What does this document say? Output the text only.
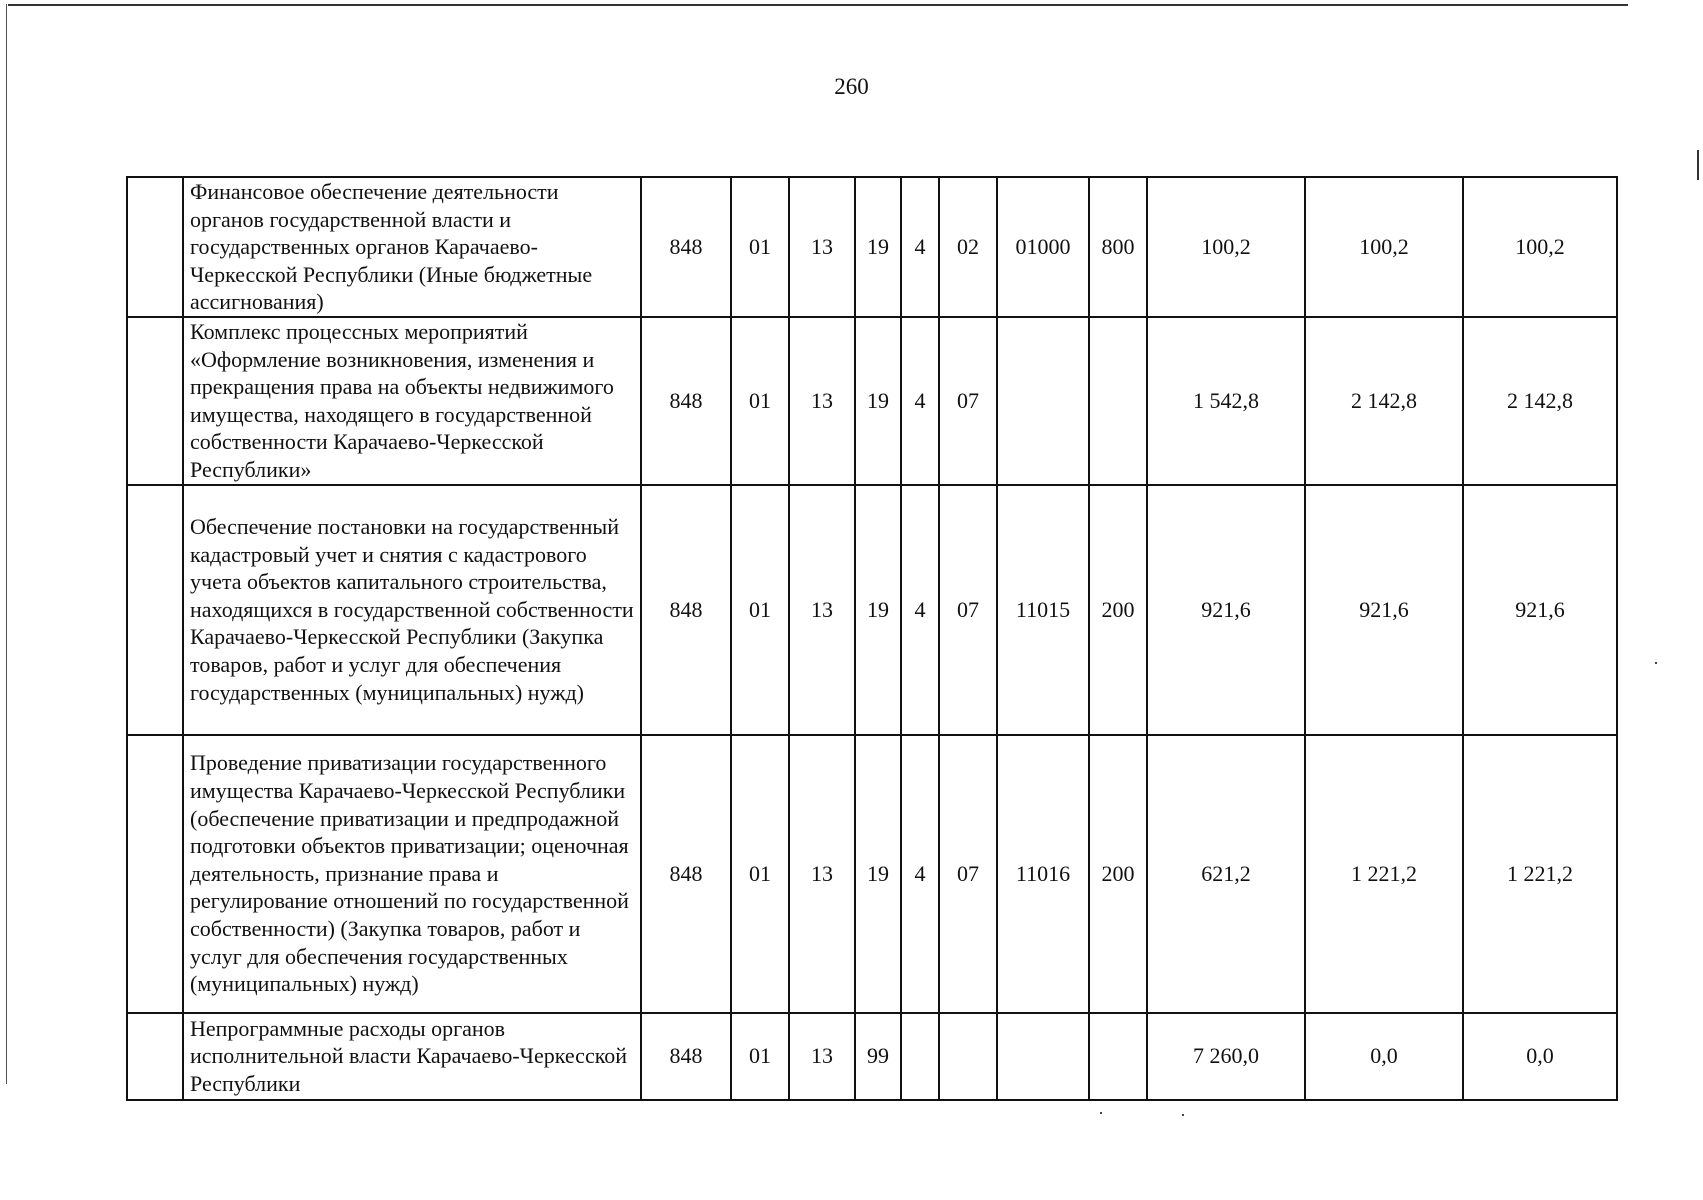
260
	Финансовое обеспечение деятельности органов государственной власти и государственных органов Карачаево-Черкесской Республики (Иные бюджетные ассигнования)	848	01	13	19	4	02	01000	800	100,2	100,2	100,2
	Комплекс процессных мероприятий «Оформление возникновения, изменения и прекращения права на объекты недвижимого имущества, находящего в государственной собственности Карачаево-Черкесской Республики»	848	01	13	19	4	07			1 542,8	2 142,8	2 142,8
	Обеспечение постановки на государственный кадастровый учет и снятия с кадастрового учета объектов капитального строительства, находящихся в государственной собственности Карачаево-Черкесской Республики (Закупка товаров, работ и услуг для обеспечения государственных (муниципальных) нужд)	848	01	13	19	4	07	11015	200	921,6	921,6	921,6
	Проведение приватизации государственного имущества Карачаево-Черкесской Республики (обеспечение приватизации и предпродажной подготовки объектов приватизации; оценочная деятельность, признание права и регулирование отношений по государственной собственности) (Закупка товаров, работ и услуг для обеспечения государственных (муниципальных) нужд)	848	01	13	19	4	07	11016	200	621,2	1 221,2	1 221,2
	Непрограммные расходы органов исполнительной власти Карачаево-Черкесской Республики	848	01	13	99					7 260,0	0,0	0,0
